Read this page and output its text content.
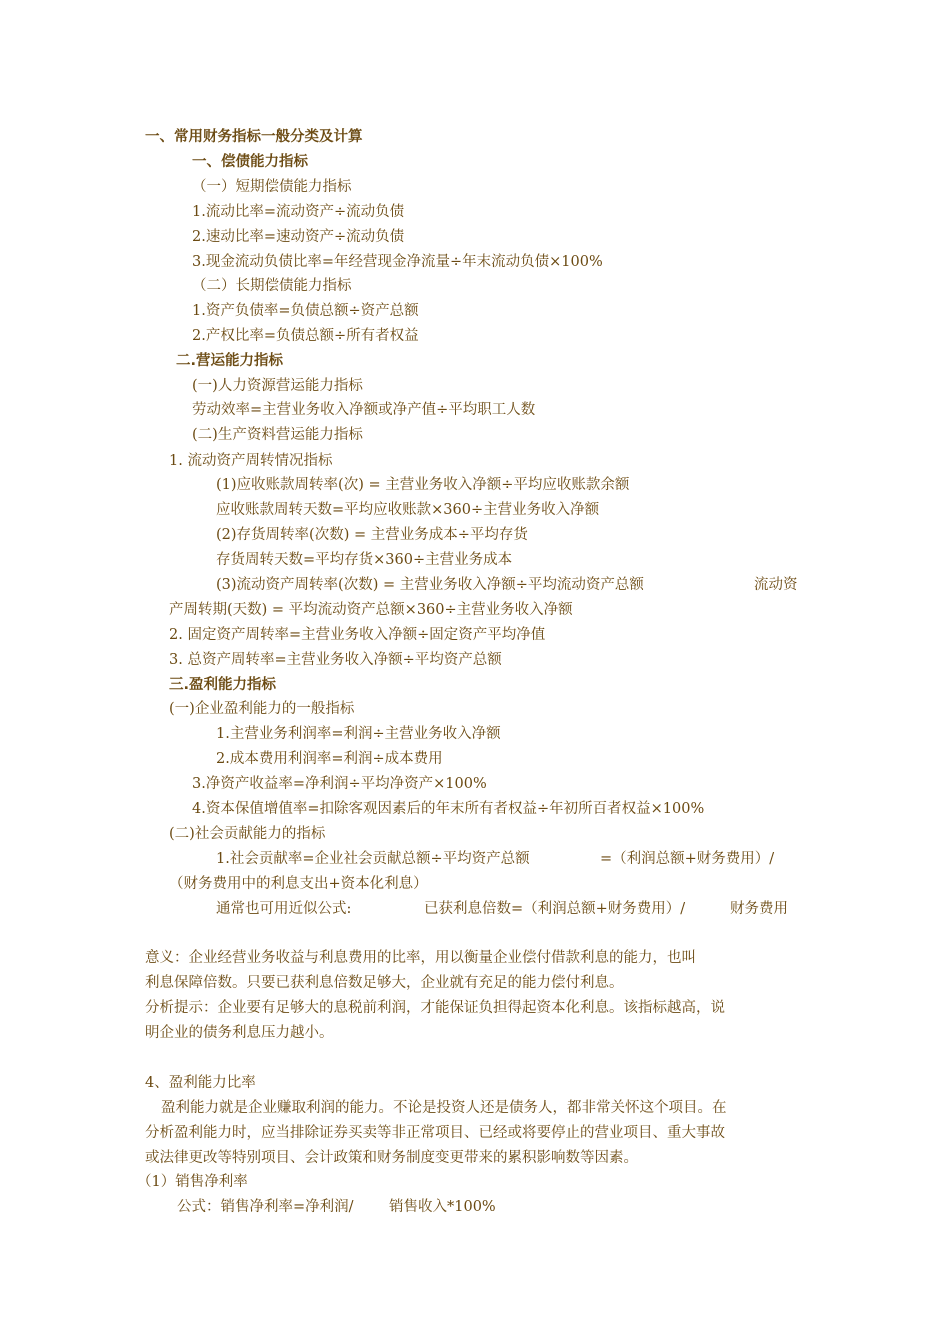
一、常用财务指标一般分类及计算
一、偿债能力指标
（一）短期偿债能力指标
1.流动比率=流动资产÷流动负债
2.速动比率=速动资产÷流动负债
3.现金流动负债比率=年经营现金净流量÷年末流动负债×100%
（二）长期偿债能力指标
1.资产负债率=负债总额÷资产总额
2.产权比率=负债总额÷所有者权益
二.营运能力指标
(一)人力资源营运能力指标
劳动效率=主营业务收入净额或净产值÷平均职工人数
(二)生产资料营运能力指标
1. 流动资产周转情况指标
(1)应收账款周转率(次) = 主营业务收入净额÷平均应收账款余额
应收账款周转天数=平均应收账款×360÷主营业务收入净额
(2)存货周转率(次数) = 主营业务成本÷平均存货
存货周转天数=平均存货×360÷主营业务成本
(3)流动资产周转率(次数) = 主营业务收入净额÷平均流动资产总额	流动资
产周转期(天数) = 平均流动资产总额×360÷主营业务收入净额
2. 固定资产周转率=主营业务收入净额÷固定资产平均净值
3. 总资产周转率=主营业务收入净额÷平均资产总额
三.盈利能力指标
(一)企业盈利能力的一般指标
1.主营业务利润率=利润÷主营业务收入净额
2.成本费用利润率=利润÷成本费用
3.净资产收益率=净利润÷平均净资产×100%
4.资本保值增值率=扣除客观因素后的年末所有者权益÷年初所百者权益×100%
(二)社会贡献能力的指标
1.社会贡献率=企业社会贡献总额÷平均资产总额	=（利润总额+财务费用）/
（财务费用中的利息支出+资本化利息）
通常也可用近似公式:	已获利息倍数=（利润总额+财务费用）/	财务费用
意义：企业经营业务收益与利息费用的比率，用以衡量企业偿付借款利息的能力，也叫
利息保障倍数。只要已获利息倍数足够大，企业就有充足的能力偿付利息。
分析提示：企业要有足够大的息税前利润，才能保证负担得起资本化利息。该指标越高，说
明企业的债务利息压力越小。
4、盈利能力比率
盈利能力就是企业赚取利润的能力。不论是投资人还是债务人，都非常关怀这个项目。在
分析盈利能力时，应当排除证券买卖等非正常项目、已经或将要停止的营业项目、重大事故
或法律更改等特别项目、会计政策和财务制度变更带来的累积影响数等因素。
（1）销售净利率
公式：销售净利率=净利润/ 销售收入*100%
